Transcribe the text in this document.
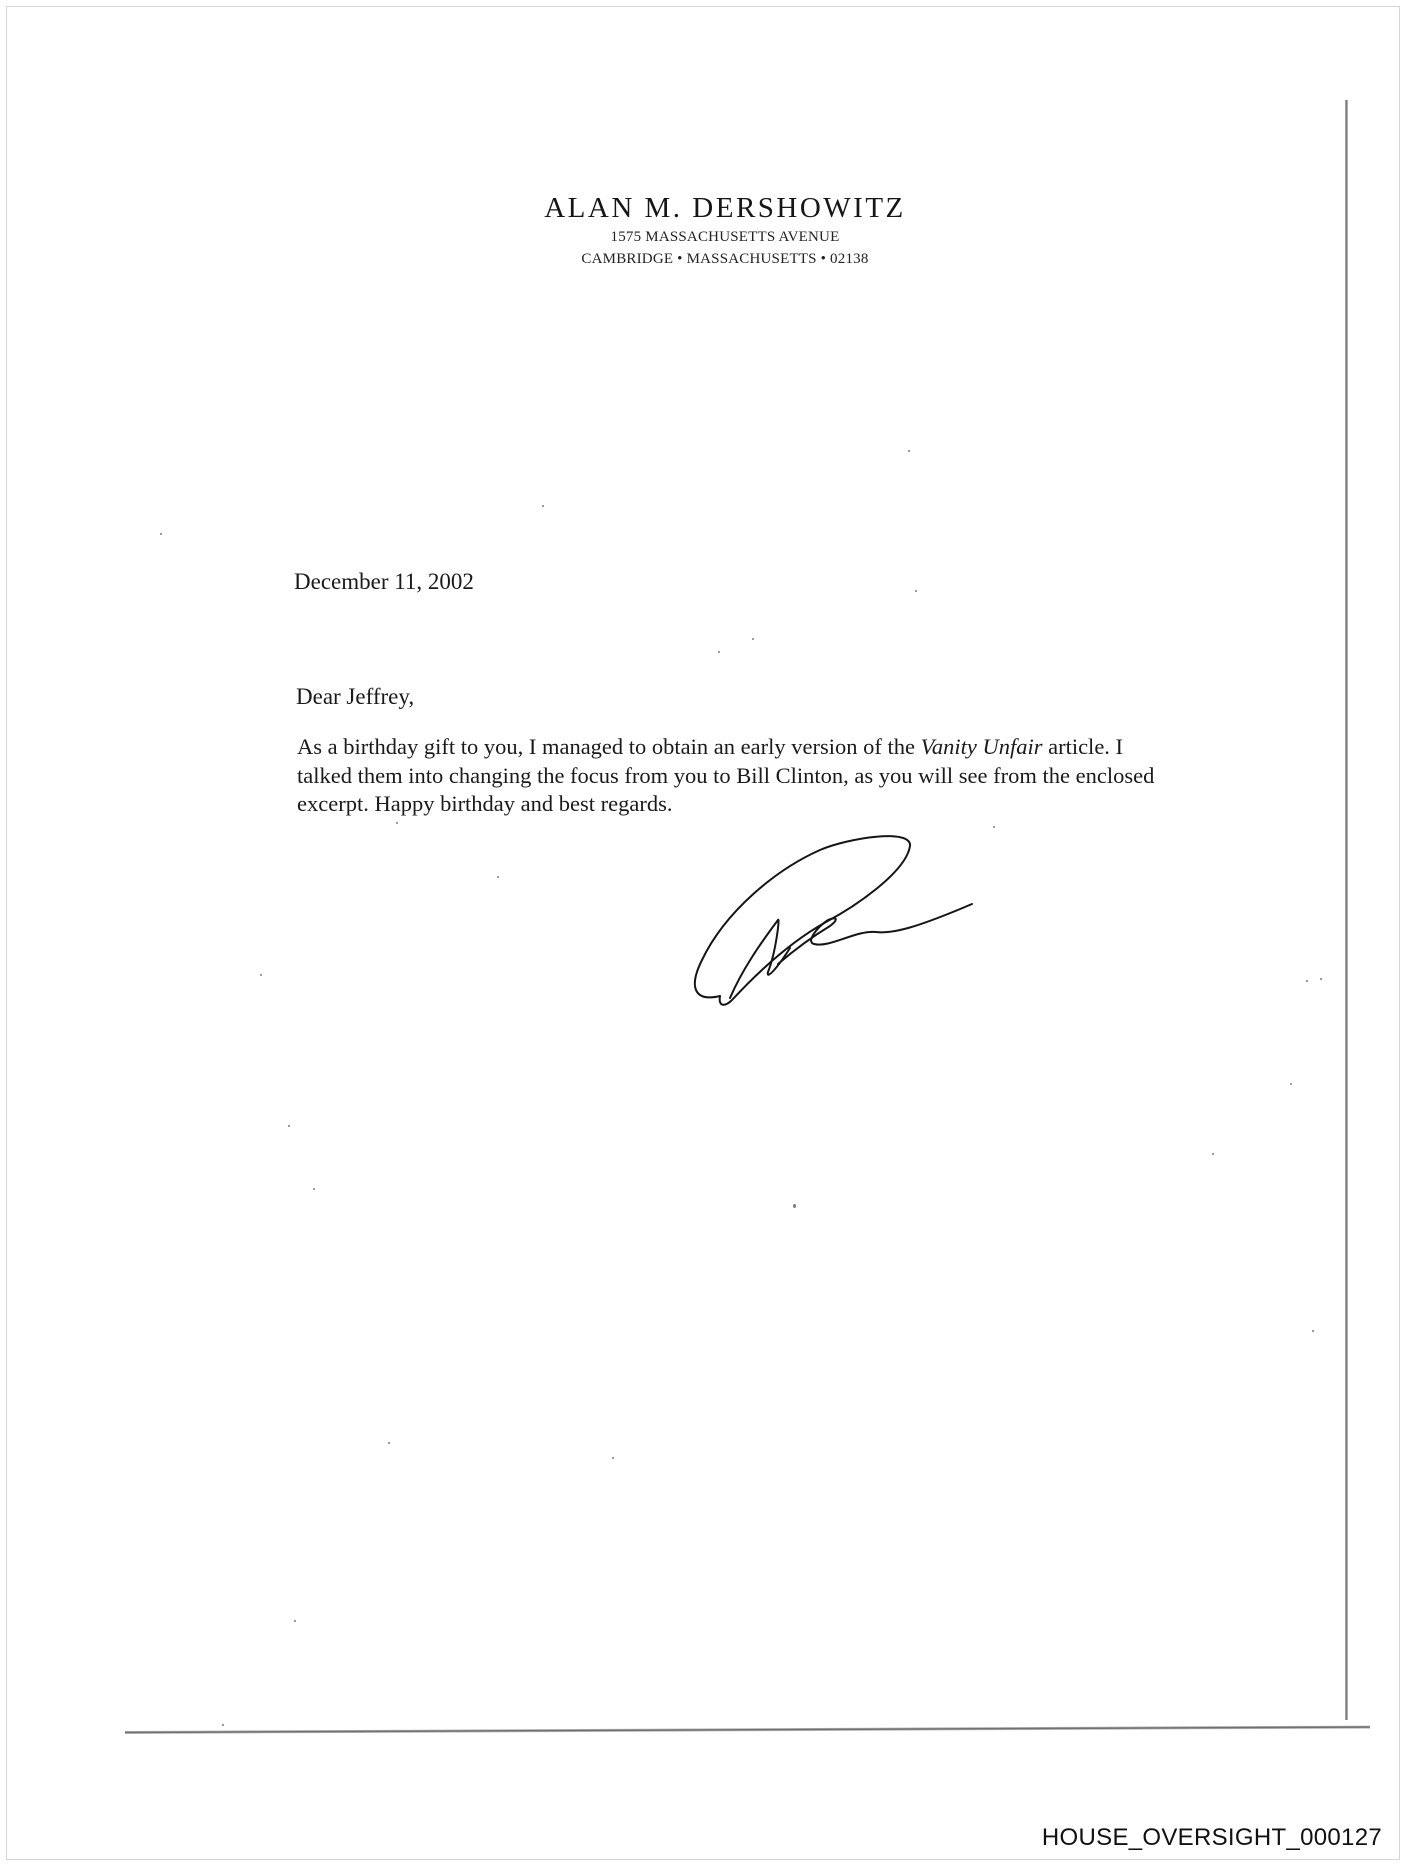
ALAN M. DERSHOWITZ
1575 MASSACHUSETTS AVENUE
CAMBRIDGE • MASSACHUSETTS • 02138
December 11, 2002
Dear Jeffrey,
As a birthday gift to you, I managed to obtain an early version of the Vanity Unfair article. I talked them into changing the focus from you to Bill Clinton, as you will see from the enclosed excerpt. Happy birthday and best regards.
HOUSE_OVERSIGHT_000127
